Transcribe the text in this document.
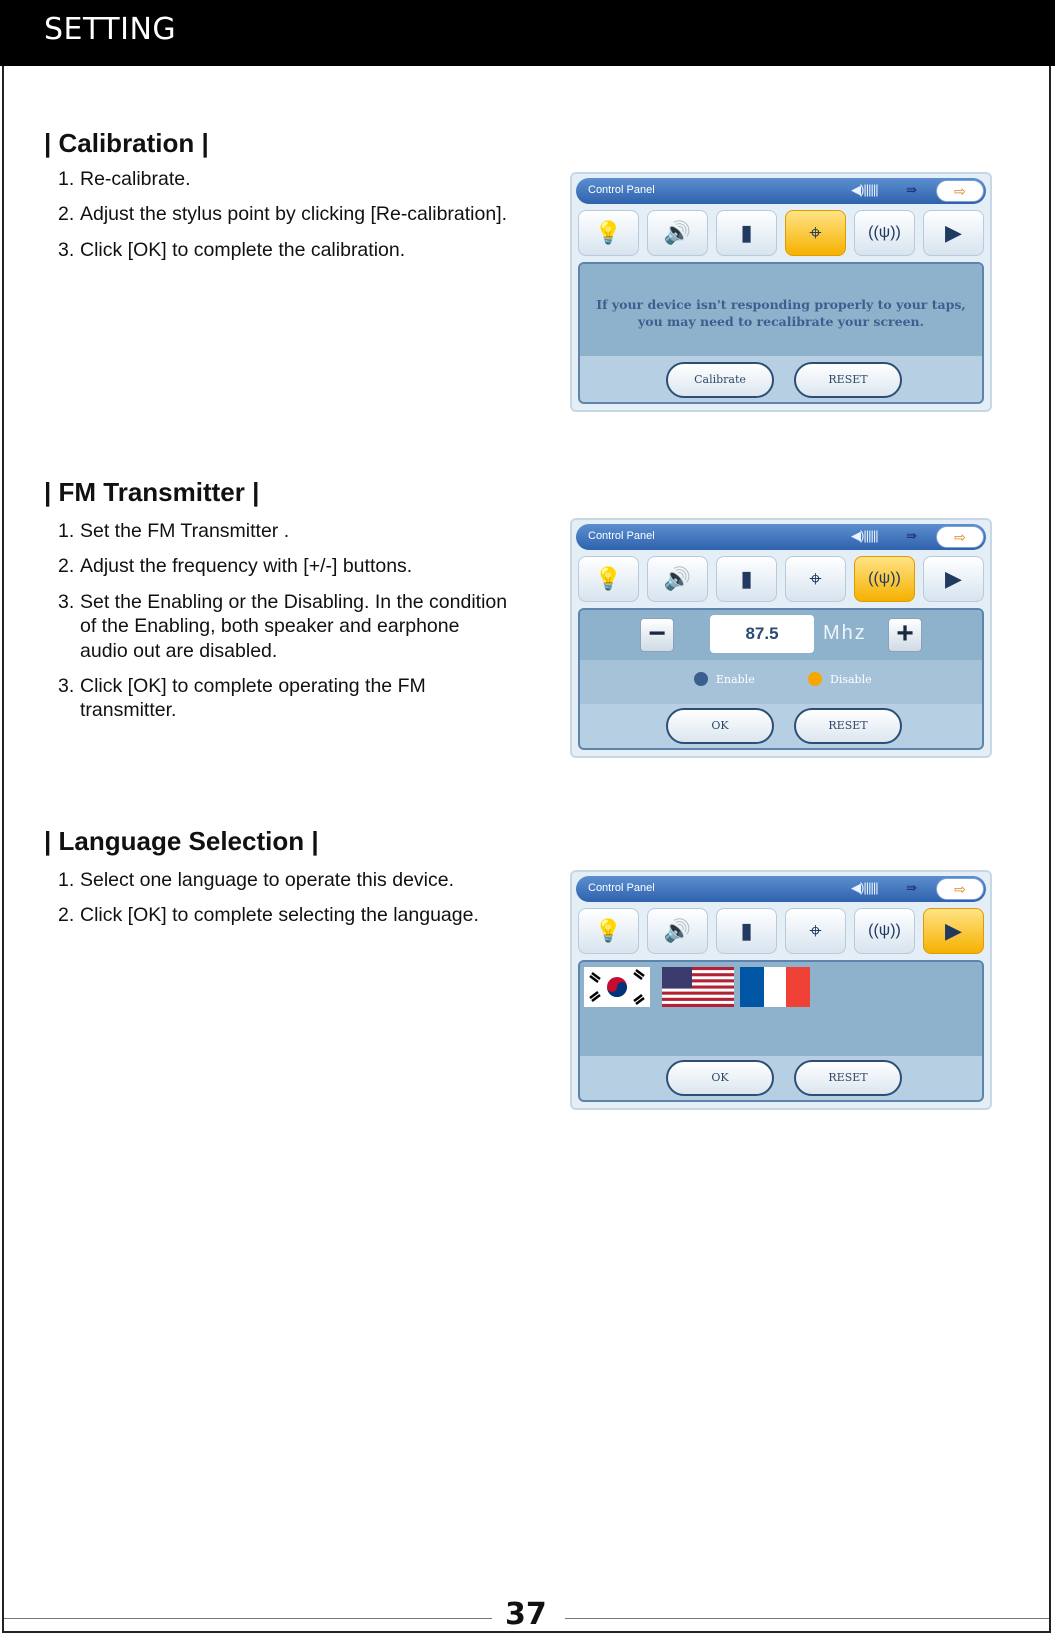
SETTING
| Calibration |
1. Re-calibrate.
2. Adjust the stylus point by clicking [Re-calibration].
3. Click [OK] to complete the calibration.
Control Panel	◀)|||||| ⇛	⇨
💡 🔊 ▮	⌖	((ψ)) ▶
If your device isn't responding properly to your taps,
you may need to recalibrate your screen.
Calibrate	RESET
| FM Transmitter |
1. Set the FM Transmitter .
2. Adjust the frequency with [+/-] buttons.
3. Set the Enabling or the Disabling. In the condition
of the Enabling, both speaker and earphone
audio out are disabled.
3. Click [OK] to complete operating the FM
transmitter.
Control Panel	◀)|||||| ⇛	⇨
💡 🔊 ▮	⌖	((ψ)) ▶
−	87.5	Mhz +
Enable	Disable
OK	RESET
| Language Selection |
1. Select one language to operate this device.
2. Click [OK] to complete selecting the language.
Control Panel	◀)|||||| ⇛	⇨
💡 🔊 ▮	⌖	((ψ)) ▶
OK	RESET
37
